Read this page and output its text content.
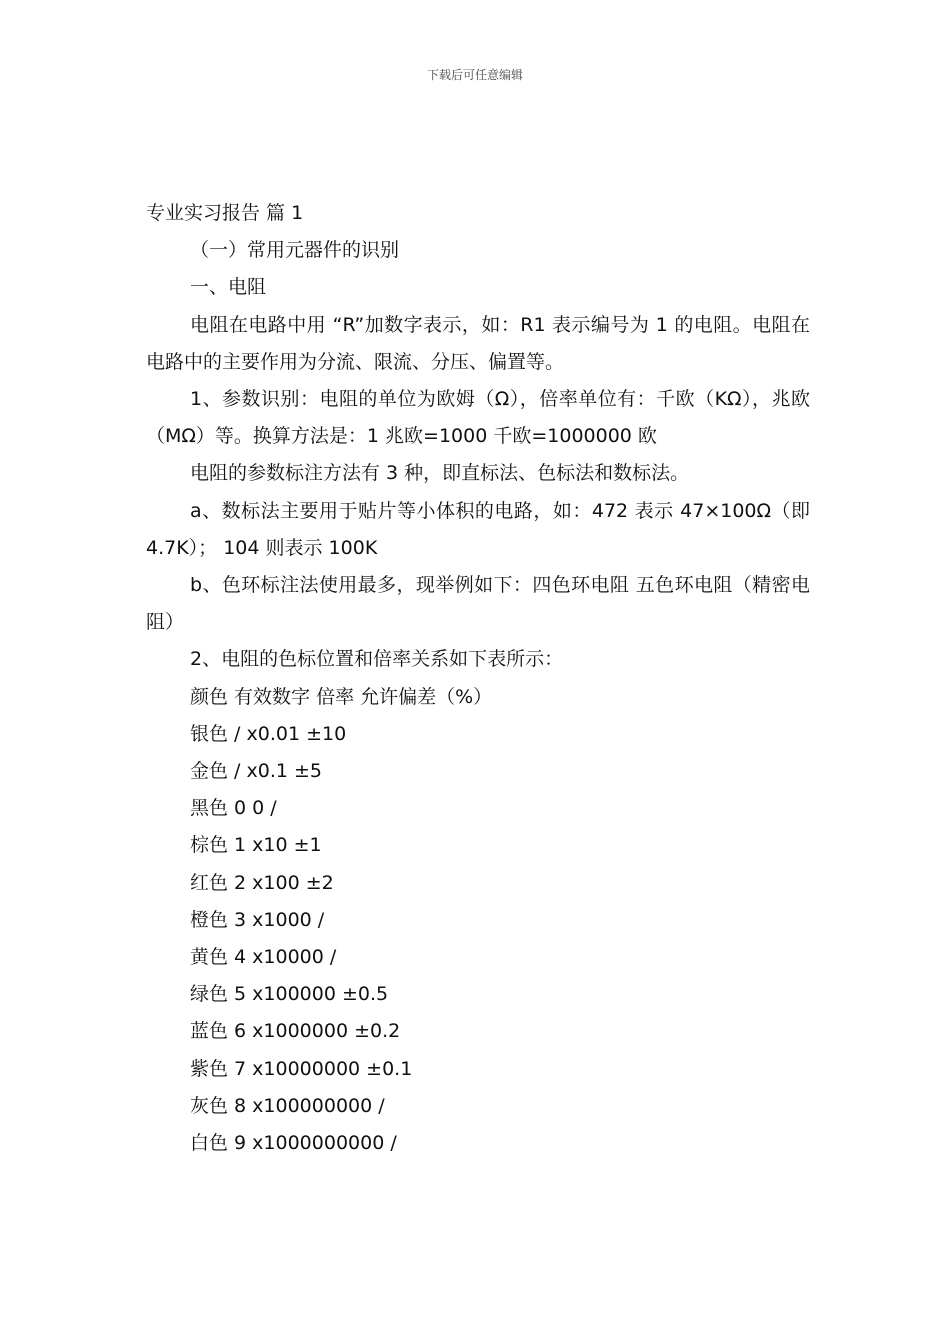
下载后可任意编辑

专业实习报告 篇 1

（一）常用元器件的识别

一、电阻

电阻在电路中用 “R”加数字表示，如：R1 表示编号为 1 的电阻。电阻在电路中的主要作用为分流、限流、分压、偏置等。

1、参数识别：电阻的单位为欧姆（Ω），倍率单位有：千欧（KΩ），兆欧（MΩ）等。换算方法是：1 兆欧=1000 千欧=1000000 欧

电阻的参数标注方法有 3 种，即直标法、色标法和数标法。

a、数标法主要用于贴片等小体积的电路，如：472 表示 47×100Ω（即 4.7K）； 104 则表示 100K

b、色环标注法使用最多，现举例如下：四色环电阻 五色环电阻（精密电阻）

2、电阻的色标位置和倍率关系如下表所示：

颜色 有效数字 倍率 允许偏差（%）
银色 / x0.01 ±10
金色 / x0.1 ±5
黑色 0 0 /
棕色 1 x10 ±1
红色 2 x100 ±2
橙色 3 x1000 /
黄色 4 x10000 /
绿色 5 x100000 ±0.5
蓝色 6 x1000000 ±0.2
紫色 7 x10000000 ±0.1
灰色 8 x100000000 /
白色 9 x1000000000 /
